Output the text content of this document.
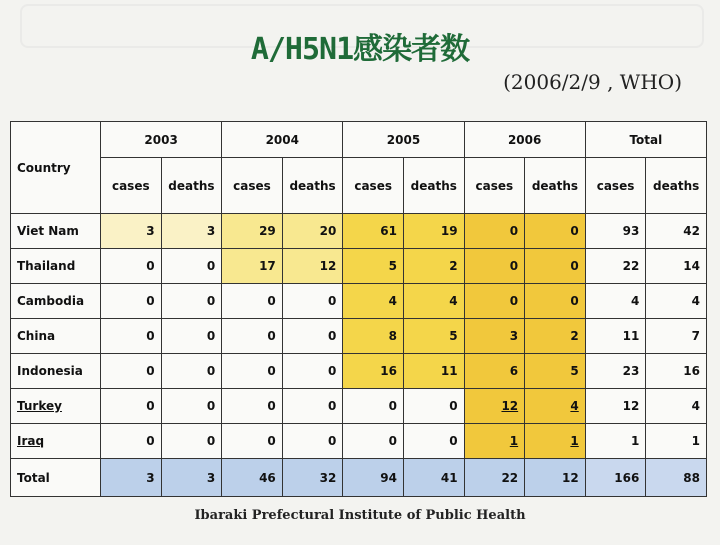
A/H5N1感染者数
(2006/2/9 , WHO)
Country	2003		2004		2005		2006		Total	
	cases	deaths	cases	deaths	cases	deaths	cases	deaths	cases	deaths
Viet Nam	3	3	29	20	61	19	0	0	93	42
Thailand	0	0	17	12	5	2	0	0	22	14
Cambodia	0	0	0	0	4	4	0	0	4	4
China	0	0	0	0	8	5	3	2	11	7
Indonesia	0	0	0	0	16	11	6	5	23	16
Turkey	0	0	0	0	0	0	12	4	12	4
Iraq	0	0	0	0	0	0	1	1	1	1
Total	3	3	46	32	94	41	22	12	166	88
Ibaraki Prefectural Institute of Public Health
